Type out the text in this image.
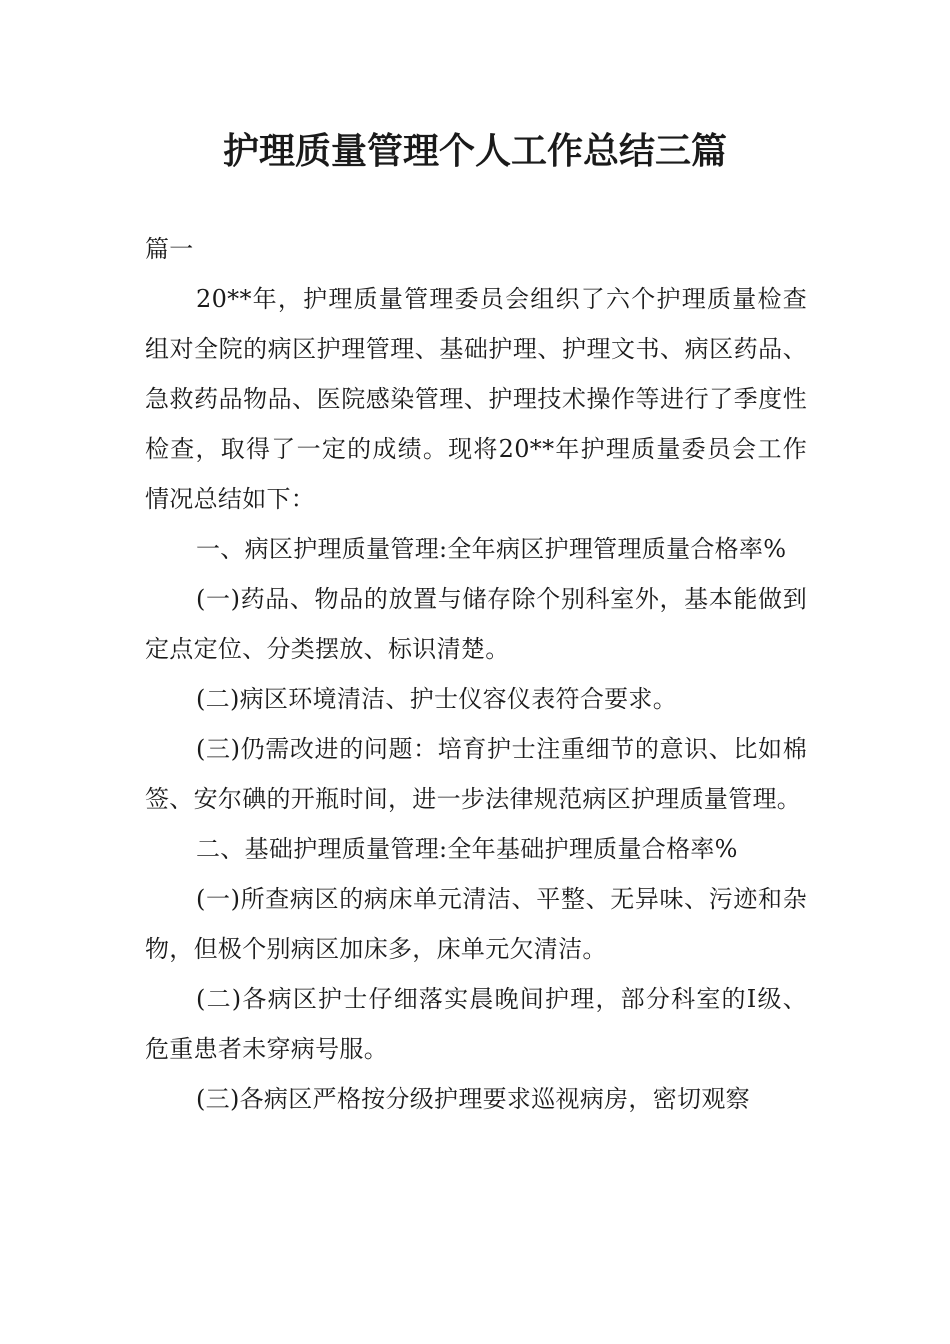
护理质量管理个人工作总结三篇

篇一

20**年，护理质量管理委员会组织了六个护理质量检查组对全院的病区护理管理、基础护理、护理文书、病区药品、急救药品物品、医院感染管理、护理技术操作等进行了季度性检查，取得了一定的成绩。现将20**年护理质量委员会工作情况总结如下：

一、病区护理质量管理:全年病区护理管理质量合格率%

(一)药品、物品的放置与储存除个别科室外，基本能做到定点定位、分类摆放、标识清楚。

(二)病区环境清洁、护士仪容仪表符合要求。

(三)仍需改进的问题：培育护士注重细节的意识、比如棉签、安尔碘的开瓶时间，进一步法律规范病区护理质量管理。

二、基础护理质量管理:全年基础护理质量合格率%

(一)所查病区的病床单元清洁、平整、无异味、污迹和杂物，但极个别病区加床多，床单元欠清洁。

(二)各病区护士仔细落实晨晚间护理，部分科室的Ⅰ级、危重患者未穿病号服。

(三)各病区严格按分级护理要求巡视病房，密切观察
